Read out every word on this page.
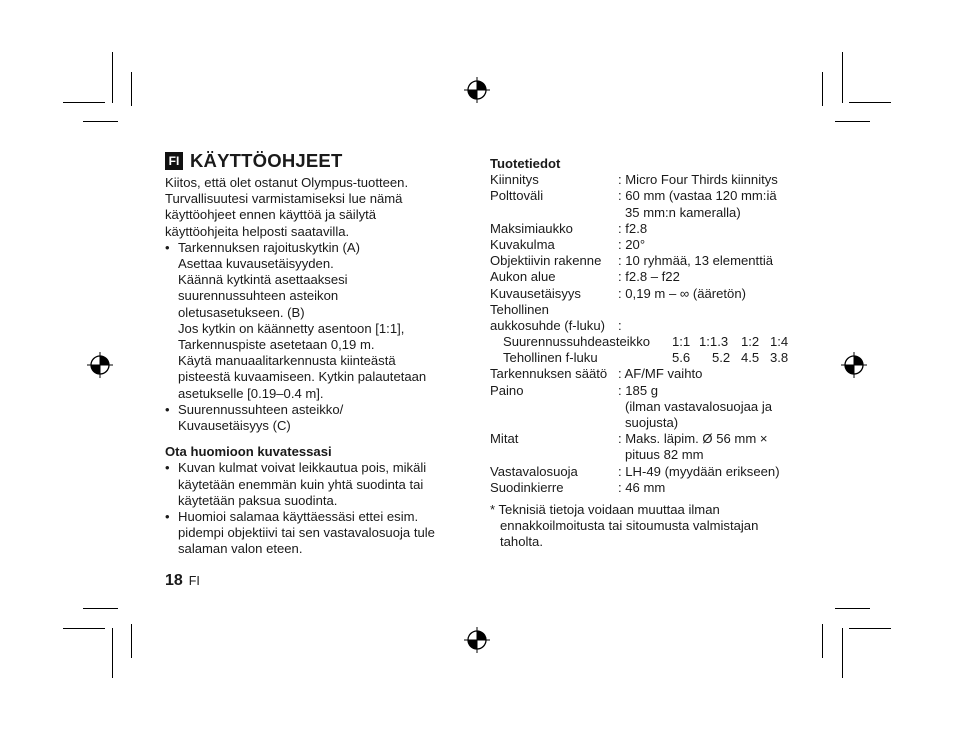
FI KÄYTTÖOHJEET
Kiitos, että olet ostanut Olympus-tuotteen.
Turvallisuutesi varmistamiseksi lue nämä
käyttöohjeet ennen käyttöä ja säilytä
käyttöohjeita helposti saatavilla.
• Tarkennuksen rajoituskytkin (A)
Asettaa kuvausetäisyyden.
Käännä kytkintä asettaaksesi
suurennussuhteen asteikon
oletusasetukseen. (B)
Jos kytkin on käännetty asentoon [1:1],
Tarkennuspiste asetetaan 0,19 m.
Käytä manuaalitarkennusta kiinteästä
pisteestä kuvaamiseen. Kytkin palautetaan
asetukselle [0.19–0.4 m].
• Suurennussuhteen asteikko/
Kuvausetäisyys (C)
Ota huomioon kuvatessasi
• Kuvan kulmat voivat leikkautua pois, mikäli
käytetään enemmän kuin yhtä suodinta tai
käytetään paksua suodinta.
• Huomioi salamaa käyttäessäsi ettei esim.
pidempi objektiivi tai sen vastavalosuoja tule
salaman valon eteen.
18 FI
Tuotetiedot
Kiinnitys	: Micro Four Thirds kiinnitys
Polttoväli	: 60 mm (vastaa 120 mm:iä
35 mm:n kameralla)
Maksimiaukko	: f2.8
Kuvakulma	: 20°
Objektiivin rakenne : 10 ryhmää, 13 elementtiä
Aukon alue	: f2.8 – f22
Kuvausetäisyys	: 0,19 m – ∞ (ääretön)
Tehollinen
aukkosuhde (f-luku) :
Suurennussuhdeasteikko 1:1 1:1.3 1:2 1:4
Tehollinen f-luku	5.6 5.2 4.5 3.8
Tarkennuksen säätö : AF/MF vaihto
Paino	: 185 g
(ilman vastavalosuojaa ja
suojusta)
Mitat	: Maks. läpim. Ø 56 mm ×
pituus 82 mm
Vastavalosuoja	: LH-49 (myydään erikseen)
Suodinkierre	: 46 mm
* Teknisiä tietoja voidaan muuttaa ilman
ennakkoilmoitusta tai sitoumusta valmistajan
taholta.
